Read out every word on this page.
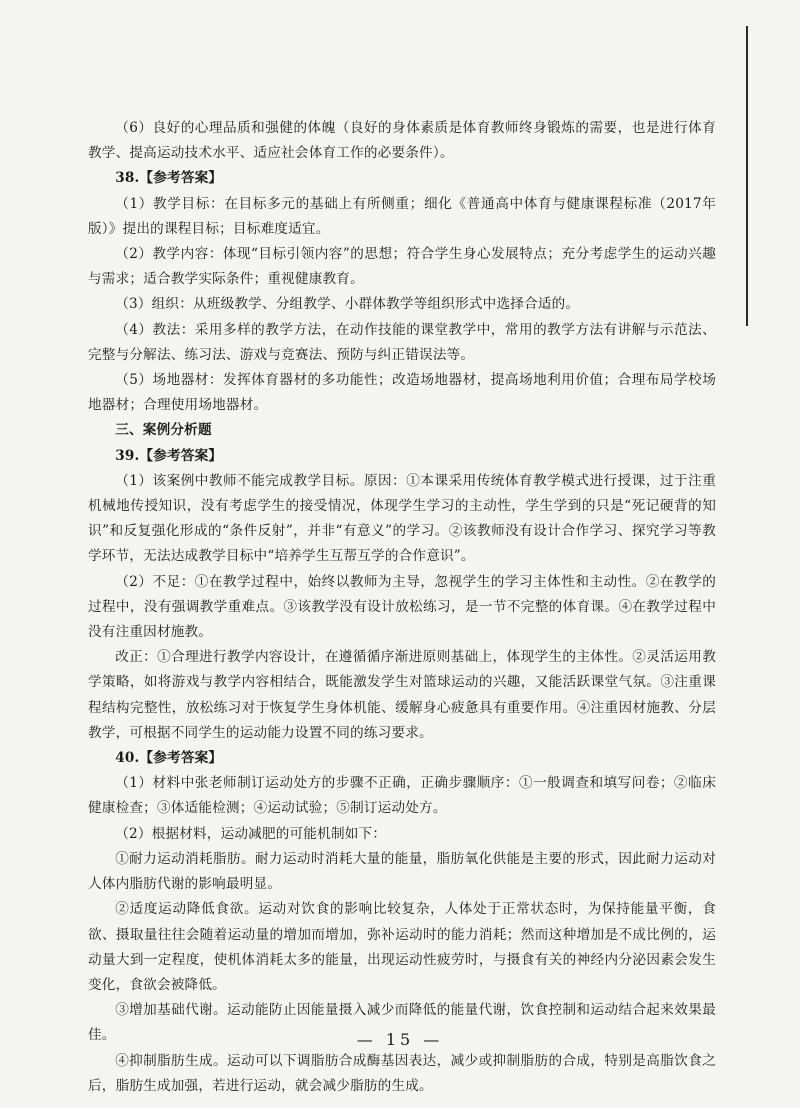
（6）良好的心理品质和强健的体魄（良好的身体素质是体育教师终身锻炼的需要，也是进行体育教学、提高运动技术水平、适应社会体育工作的必要条件）。

38.【参考答案】

（1）教学目标：在目标多元的基础上有所侧重；细化《普通高中体育与健康课程标准（2017年版）》提出的课程目标；目标难度适宜。

（2）教学内容：体现“目标引领内容”的思想；符合学生身心发展特点；充分考虑学生的运动兴趣与需求；适合教学实际条件；重视健康教育。

（3）组织：从班级教学、分组教学、小群体教学等组织形式中选择合适的。

（4）教法：采用多样的教学方法，在动作技能的课堂教学中，常用的教学方法有讲解与示范法、完整与分解法、练习法、游戏与竞赛法、预防与纠正错误法等。

（5）场地器材：发挥体育器材的多功能性；改造场地器材，提高场地利用价值；合理布局学校场地器材；合理使用场地器材。

三、案例分析题

39.【参考答案】

（1）该案例中教师不能完成教学目标。原因：①本课采用传统体育教学模式进行授课，过于注重机械地传授知识，没有考虑学生的接受情况，体现学生学习的主动性，学生学到的只是“死记硬背的知识”和反复强化形成的“条件反射”，并非“有意义”的学习。②该教师没有设计合作学习、探究学习等教学环节，无法达成教学目标中“培养学生互帮互学的合作意识”。

（2）不足：①在教学过程中，始终以教师为主导，忽视学生的学习主体性和主动性。②在教学的过程中，没有强调教学重难点。③该教学没有设计放松练习，是一节不完整的体育课。④在教学过程中没有注重因材施教。

改正：①合理进行教学内容设计，在遵循循序渐进原则基础上，体现学生的主体性。②灵活运用教学策略，如将游戏与教学内容相结合，既能激发学生对篮球运动的兴趣，又能活跃课堂气氛。③注重课程结构完整性，放松练习对于恢复学生身体机能、缓解身心疲惫具有重要作用。④注重因材施教、分层教学，可根据不同学生的运动能力设置不同的练习要求。

40.【参考答案】

（1）材料中张老师制订运动处方的步骤不正确，正确步骤顺序：①一般调查和填写问卷；②临床健康检查；③体适能检测；④运动试验；⑤制订运动处方。

（2）根据材料，运动减肥的可能机制如下：

①耐力运动消耗脂肪。耐力运动时消耗大量的能量，脂肪氧化供能是主要的形式，因此耐力运动对人体内脂肪代谢的影响最明显。

②适度运动降低食欲。运动对饮食的影响比较复杂，人体处于正常状态时，为保持能量平衡，食欲、摄取量往往会随着运动量的增加而增加，弥补运动时的能力消耗；然而这种增加是不成比例的，运动量大到一定程度，使机体消耗太多的能量，出现运动性疲劳时，与摄食有关的神经内分泌因素会发生变化，食欲会被降低。

③增加基础代谢。运动能防止因能量摄入减少而降低的能量代谢，饮食控制和运动结合起来效果最佳。

④抑制脂肪生成。运动可以下调脂肪合成酶基因表达，减少或抑制脂肪的合成，特别是高脂饮食之后，脂肪生成加强，若进行运动，就会减少脂肪的生成。

— 15 —
